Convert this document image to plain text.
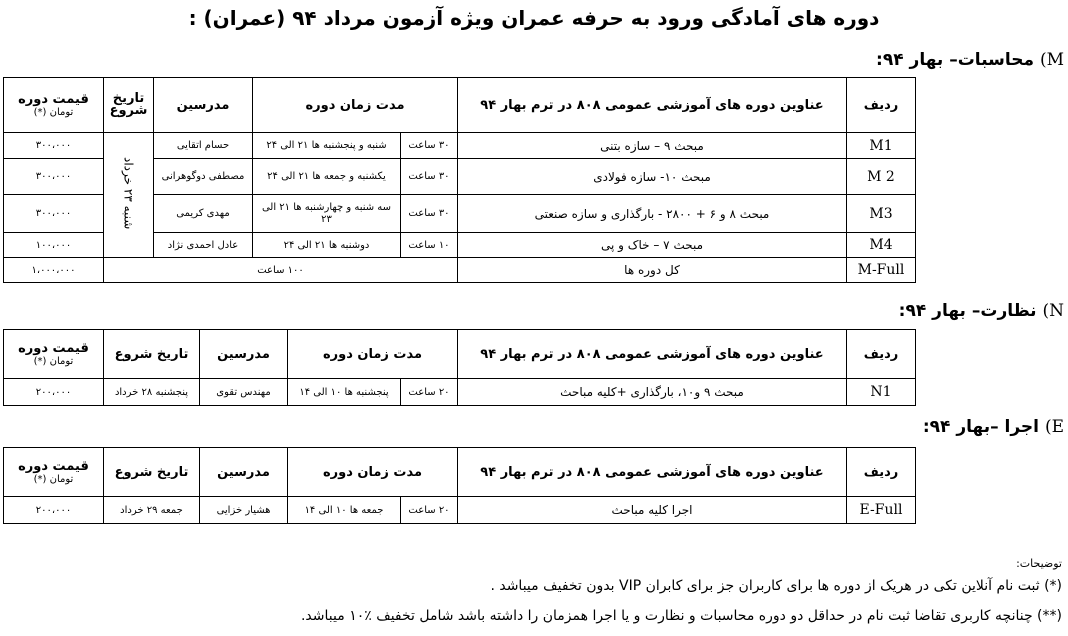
دوره های آمادگی ورود به حرفه عمران ویژه آزمون مرداد ۹۴ (عمران) :
M) محاسبات– بهار ۹۴:
ردیف	عناوین دوره های آموزشی عمومی ۸۰۸ در ترم بهار ۹۴	مدت زمان دوره		مدرسین	تاریخ شروع	قیمت دوره
تومان (*)

M1	مبحث ۹ – سازه بتنی	۳۰ ساعت	شنبه و پنجشنبه ها ۲۱ الی ۲۴	حسام اتقایی	شنبه ۲۳ خرداد	۳۰۰،۰۰۰
M 2	مبحث ۱۰- سازه فولادی	۳۰ ساعت	یکشنبه و جمعه ها ۲۱ الی ۲۴	مصطفی دوگوهرانی		۳۰۰،۰۰۰
M3	مبحث ۸ و ۶ + ۲۸۰۰ - بارگذاری و سازه صنعتی	۳۰ ساعت	سه شنبه و چهارشنبه ها ۲۱ الی ۲۳	مهدی کریمی		۳۰۰،۰۰۰
M4	مبحث ۷ – خاک و پی	۱۰ ساعت	دوشنبه ها ۲۱ الی ۲۴	عادل احمدی نژاد		۱۰۰،۰۰۰
M-Full	کل دوره ها	۱۰۰ ساعت				۱،۰۰۰،۰۰۰
N) نظارت– بهار ۹۴:
ردیف	عناوین دوره های آموزشی عمومی ۸۰۸ در ترم بهار ۹۴	مدت زمان دوره		مدرسین	تاریخ شروع	قیمت دوره
تومان (*)

N1	مبحث ۹ و۱۰، بارگذاری +کلیه مباحث	۲۰ ساعت	پنجشنبه ها ۱۰ الی ۱۴	مهندس تقوی	پنجشنبه ۲۸ خرداد	۲۰۰،۰۰۰
E) اجرا –بهار ۹۴:
ردیف	عناوین دوره های آموزشی عمومی ۸۰۸ در ترم بهار ۹۴	مدت زمان دوره		مدرسین	تاریخ شروع	قیمت دوره
تومان (*)

E-Full	اجرا کلیه مباحث	۲۰ ساعت	جمعه ها ۱۰ الی ۱۴	هشیار خزایی	جمعه ۲۹ خرداد	۲۰۰،۰۰۰
توضیحات:
(*) ثبت نام آنلاین تکی در هریک از دوره ها برای کاربران جز برای کابران VIP بدون تخفیف میباشد .
(**) چنانچه کاربری تقاضا ثبت نام در حداقل دو دوره محاسبات و نظارت و یا اجرا همزمان را داشته باشد شامل تخفیف ٪۱۰ میباشد.
